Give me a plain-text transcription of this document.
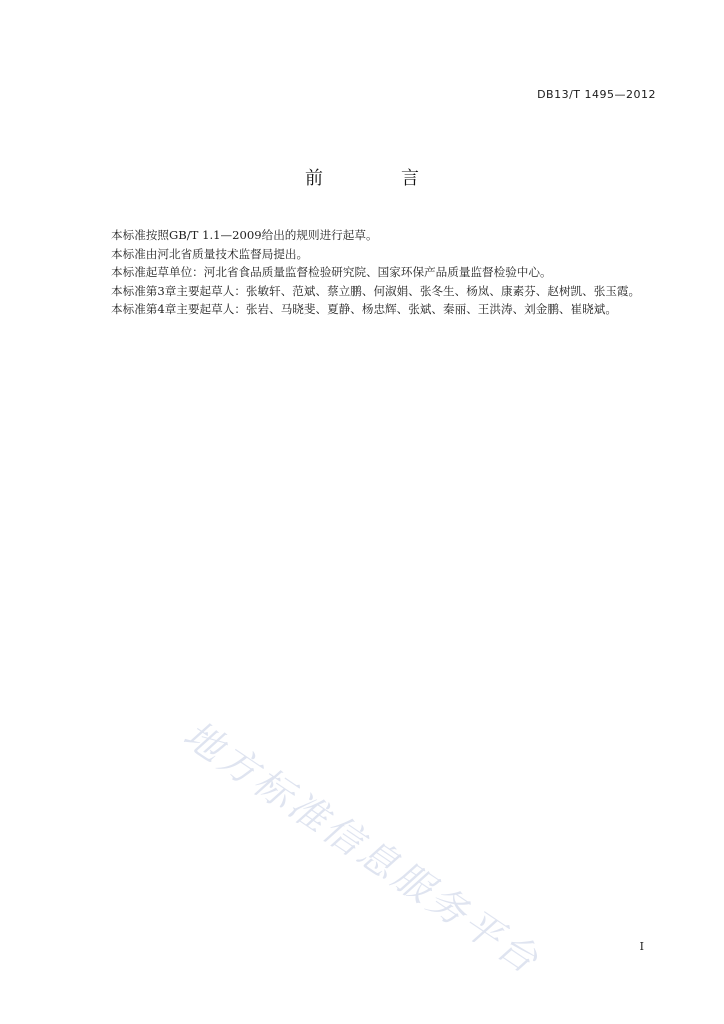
DB13/T 1495—2012
前　言

本标准按照GB/T 1.1—2009给出的规则进行起草。

本标准由河北省质量技术监督局提出。

本标准起草单位：河北省食品质量监督检验研究院、国家环保产品质量监督检验中心。

本标准第3章主要起草人：张敏轩、范斌、蔡立鹏、何淑娟、张冬生、杨岚、康素芬、赵树凯、张玉霞。

本标准第4章主要起草人：张岩、马晓斐、夏静、杨忠辉、张斌、秦丽、王洪涛、刘金鹏、崔晓斌。

地方标准信息服务平台	I
